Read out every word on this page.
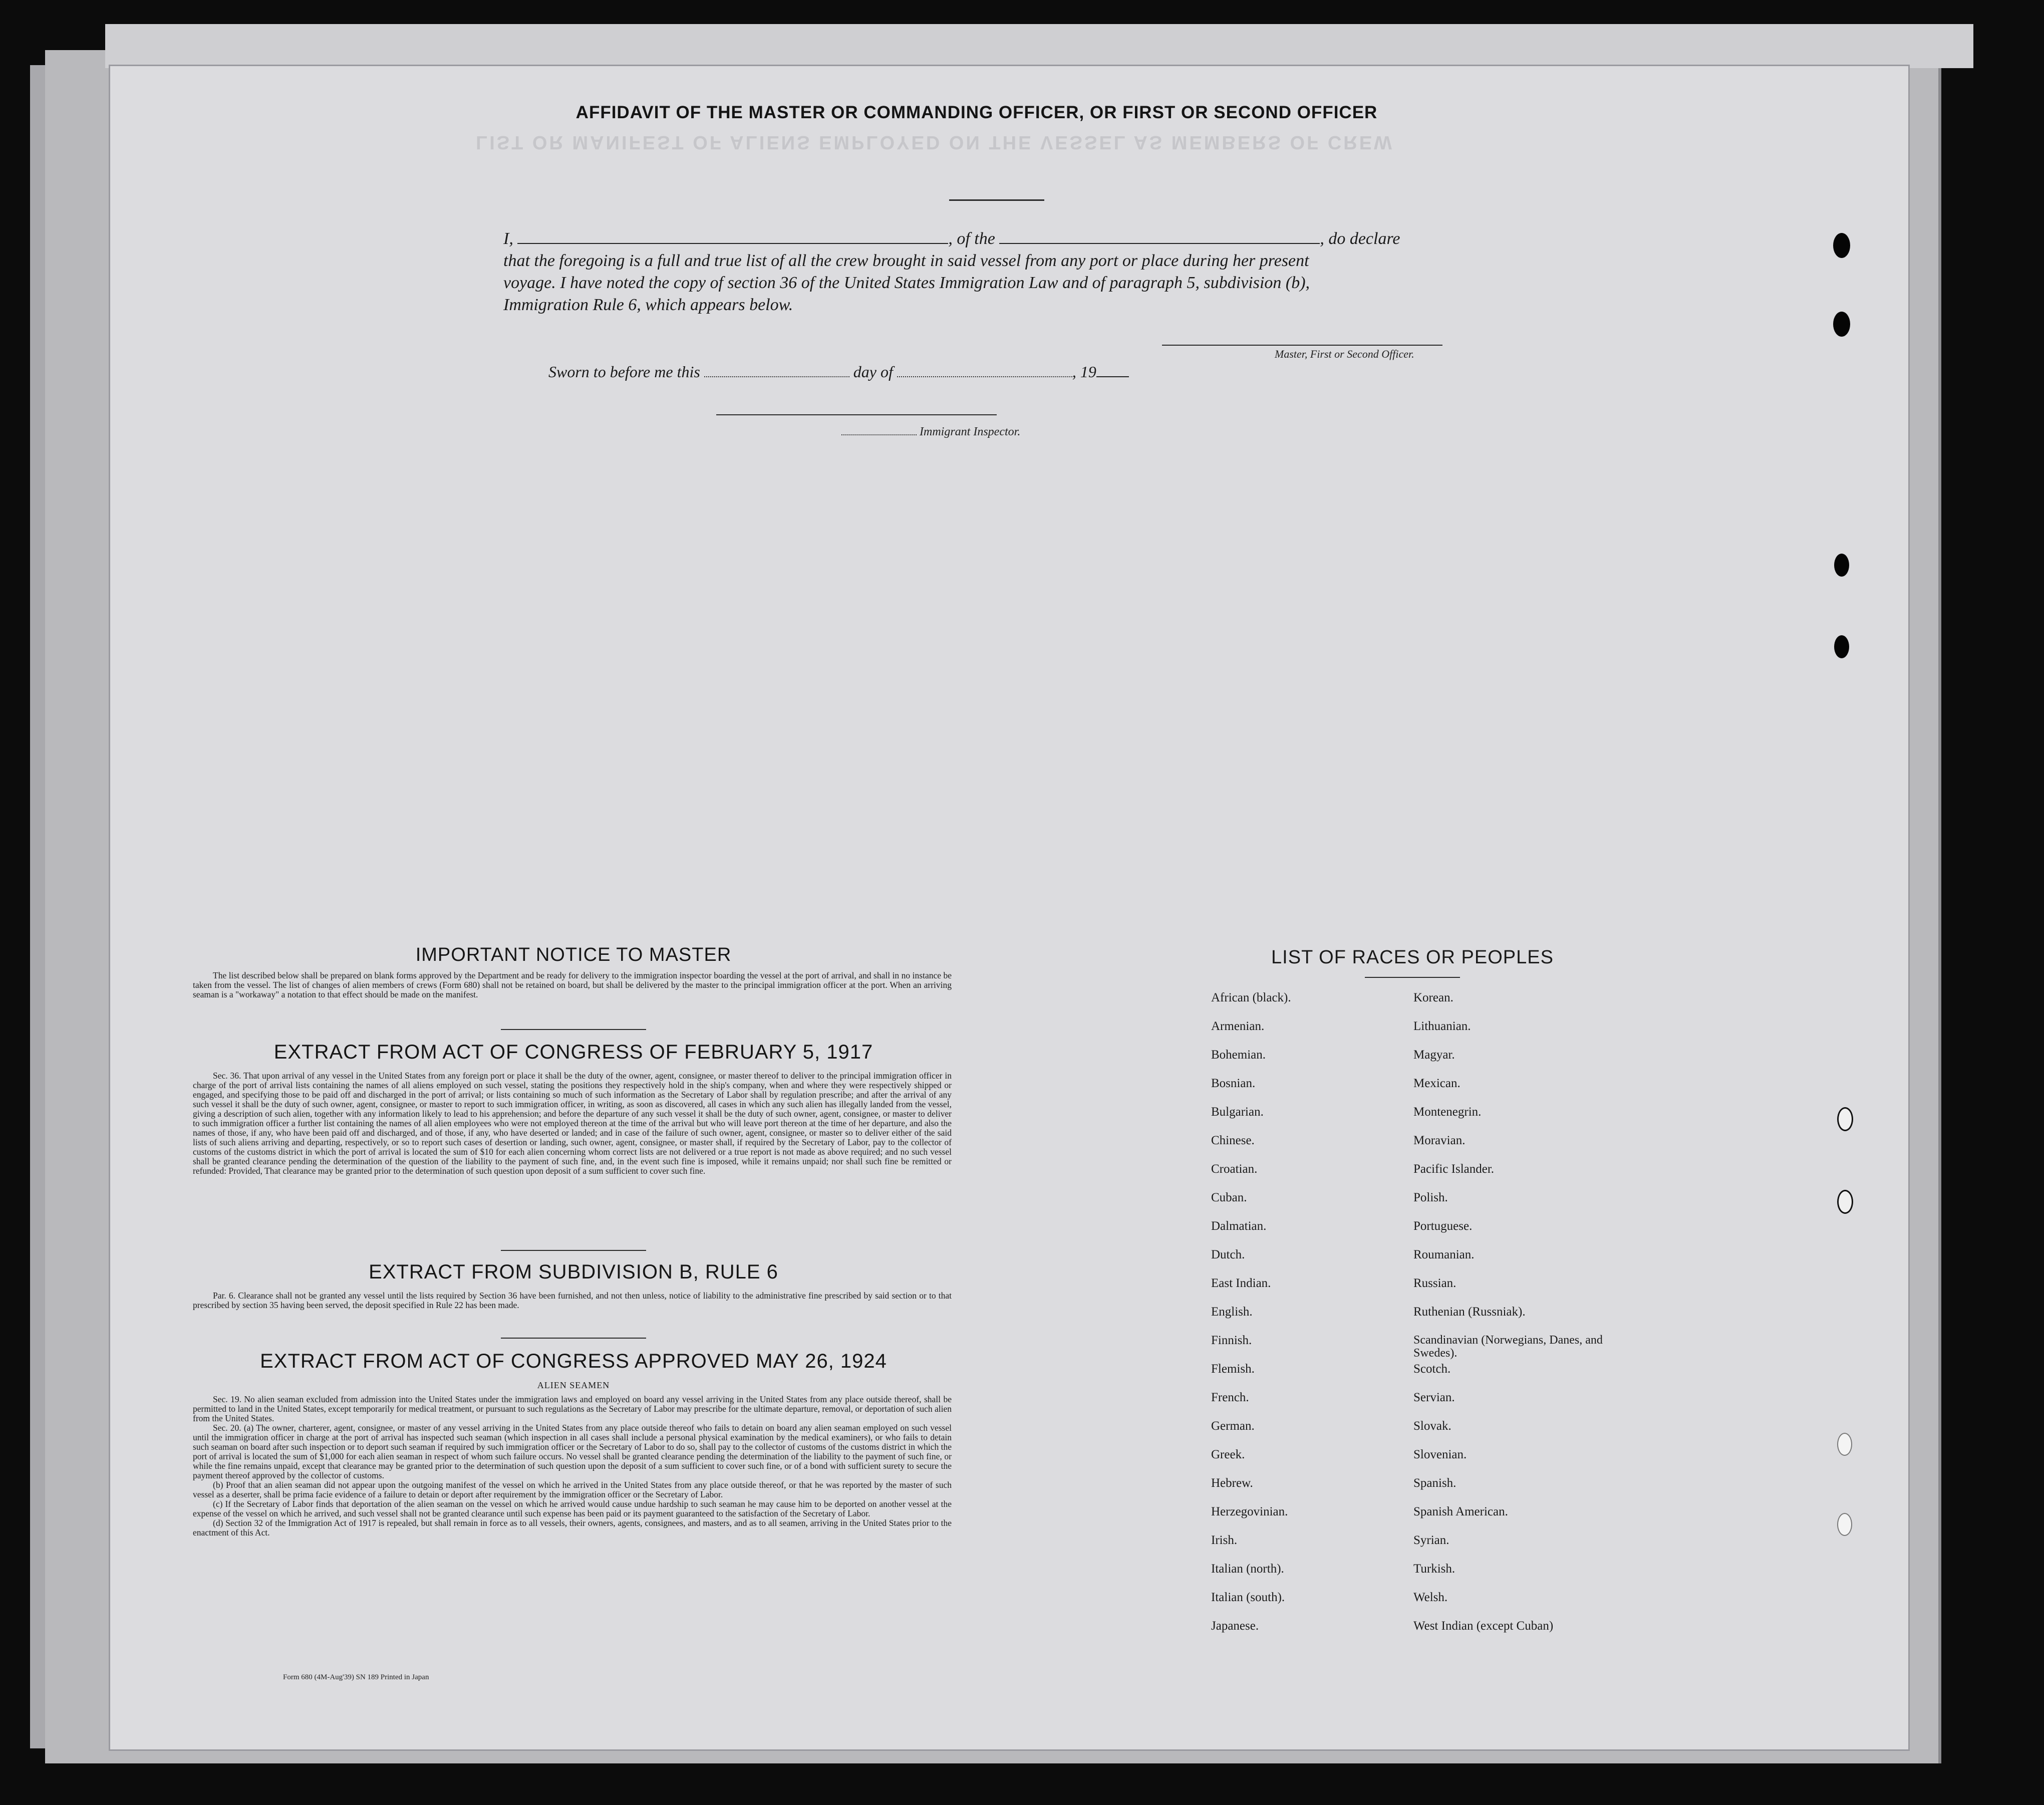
LIST OR MANIFEST OF ALIENS EMPLOYED ON THE VESSEL AS MEMBERS OF CREW
AFFIDAVIT OF THE MASTER OR COMMANDING OFFICER, OR FIRST OR SECOND OFFICER
I,	, of the	, do declare
that the foregoing is a full and true list of all the crew brought in said vessel from any port or place during her present
voyage. I have noted the copy of section 36 of the United States Immigration Law and of paragraph 5, subdivision (b),
Immigration Rule 6, which appears below.
Master, First or Second Officer.
Sworn to before me this	day of	, 19
Immigrant Inspector.
IMPORTANT NOTICE TO MASTER

The list described below shall be prepared on blank forms approved by the Department and be ready for delivery to the immigration inspector boarding the vessel at the port of arrival, and shall in no instance be taken from the vessel. The list of changes of alien members of crews (Form 680) shall not be retained on board, but shall be delivered by the master to the principal immigration officer at the port. When an arriving seaman is a "workaway" a notation to that effect should be made on the manifest.

EXTRACT FROM ACT OF CONGRESS OF FEBRUARY 5, 1917

Sec. 36. That upon arrival of any vessel in the United States from any foreign port or place it shall be the duty of the owner, agent, consignee, or master thereof to deliver to the principal immigration officer in charge of the port of arrival lists containing the names of all aliens employed on such vessel, stating the positions they respectively hold in the ship's company, when and where they were respectively shipped or engaged, and specifying those to be paid off and discharged in the port of arrival; or lists containing so much of such information as the Secretary of Labor shall by regulation prescribe; and after the arrival of any such vessel it shall be the duty of such owner, agent, consignee, or master to report to such immigration officer, in writing, as soon as discovered, all cases in which any such alien has illegally landed from the vessel, giving a description of such alien, together with any information likely to lead to his apprehension; and before the departure of any such vessel it shall be the duty of such owner, agent, consignee, or master to deliver to such immigration officer a further list containing the names of all alien employees who were not employed thereon at the time of the arrival but who will leave port thereon at the time of her departure, and also the names of those, if any, who have been paid off and discharged, and of those, if any, who have deserted or landed; and in case of the failure of such owner, agent, consignee, or master so to deliver either of the said lists of such aliens arriving and departing, respectively, or so to report such cases of desertion or landing, such owner, agent, consignee, or master shall, if required by the Secretary of Labor, pay to the collector of customs of the customs district in which the port of arrival is located the sum of $10 for each alien concerning whom correct lists are not delivered or a true report is not made as above required; and no such vessel shall be granted clearance pending the determination of the question of the liability to the payment of such fine, and, in the event such fine is imposed, while it remains unpaid; nor shall such fine be remitted or refunded: Provided, That clearance may be granted prior to the determination of such question upon deposit of a sum sufficient to cover such fine.

EXTRACT FROM SUBDIVISION B, RULE 6

Par. 6. Clearance shall not be granted any vessel until the lists required by Section 36 have been furnished, and not then unless, notice of liability to the administrative fine prescribed by said section or to that prescribed by section 35 having been served, the deposit specified in Rule 22 has been made.

EXTRACT FROM ACT OF CONGRESS APPROVED MAY 26, 1924
ALIEN SEAMEN

Sec. 19. No alien seaman excluded from admission into the United States under the immigration laws and employed on board any vessel arriving in the United States from any place outside thereof, shall be permitted to land in the United States, except temporarily for medical treatment, or pursuant to such regulations as the Secretary of Labor may prescribe for the ultimate departure, removal, or deportation of such alien from the United States.

Sec. 20. (a) The owner, charterer, agent, consignee, or master of any vessel arriving in the United States from any place outside thereof who fails to detain on board any alien seaman employed on such vessel until the immigration officer in charge at the port of arrival has inspected such seaman (which inspection in all cases shall include a personal physical examination by the medical examiners), or who fails to detain such seaman on board after such inspection or to deport such seaman if required by such immigration officer or the Secretary of Labor to do so, shall pay to the collector of customs of the customs district in which the port of arrival is located the sum of $1,000 for each alien seaman in respect of whom such failure occurs. No vessel shall be granted clearance pending the determination of the liability to the payment of such fine, or while the fine remains unpaid, except that clearance may be granted prior to the determination of such question upon the deposit of a sum sufficient to cover such fine, or of a bond with sufficient surety to secure the payment thereof approved by the collector of customs.

(b) Proof that an alien seaman did not appear upon the outgoing manifest of the vessel on which he arrived in the United States from any place outside thereof, or that he was reported by the master of such vessel as a deserter, shall be prima facie evidence of a failure to detain or deport after requirement by the immigration officer or the Secretary of Labor.

(c) If the Secretary of Labor finds that deportation of the alien seaman on the vessel on which he arrived would cause undue hardship to such seaman he may cause him to be deported on another vessel at the expense of the vessel on which he arrived, and such vessel shall not be granted clearance until such expense has been paid or its payment guaranteed to the satisfaction of the Secretary of Labor.

(d) Section 32 of the Immigration Act of 1917 is repealed, but shall remain in force as to all vessels, their owners, agents, consignees, and masters, and as to all seamen, arriving in the United States prior to the enactment of this Act.

LIST OF RACES OR PEOPLES
African (black).
Armenian.
Bohemian.
Bosnian.
Bulgarian.
Chinese.
Croatian.
Cuban.
Dalmatian.
Dutch.
East Indian.
English.
Finnish.
Flemish.
French.
German.
Greek.
Hebrew.
Herzegovinian.
Irish.
Italian (north).
Italian (south).
Japanese.
Korean.
Lithuanian.
Magyar.
Mexican.
Montenegrin.
Moravian.
Pacific Islander.
Polish.
Portuguese.
Roumanian.
Russian.
Ruthenian (Russniak).
Scandinavian (Norwegians, Danes, and Swedes).
Scotch.
Servian.
Slovak.
Slovenian.
Spanish.
Spanish American.
Syrian.
Turkish.
Welsh.
West Indian (except Cuban)
Form 680 (4M-Aug'39) SN 189 Printed in Japan
